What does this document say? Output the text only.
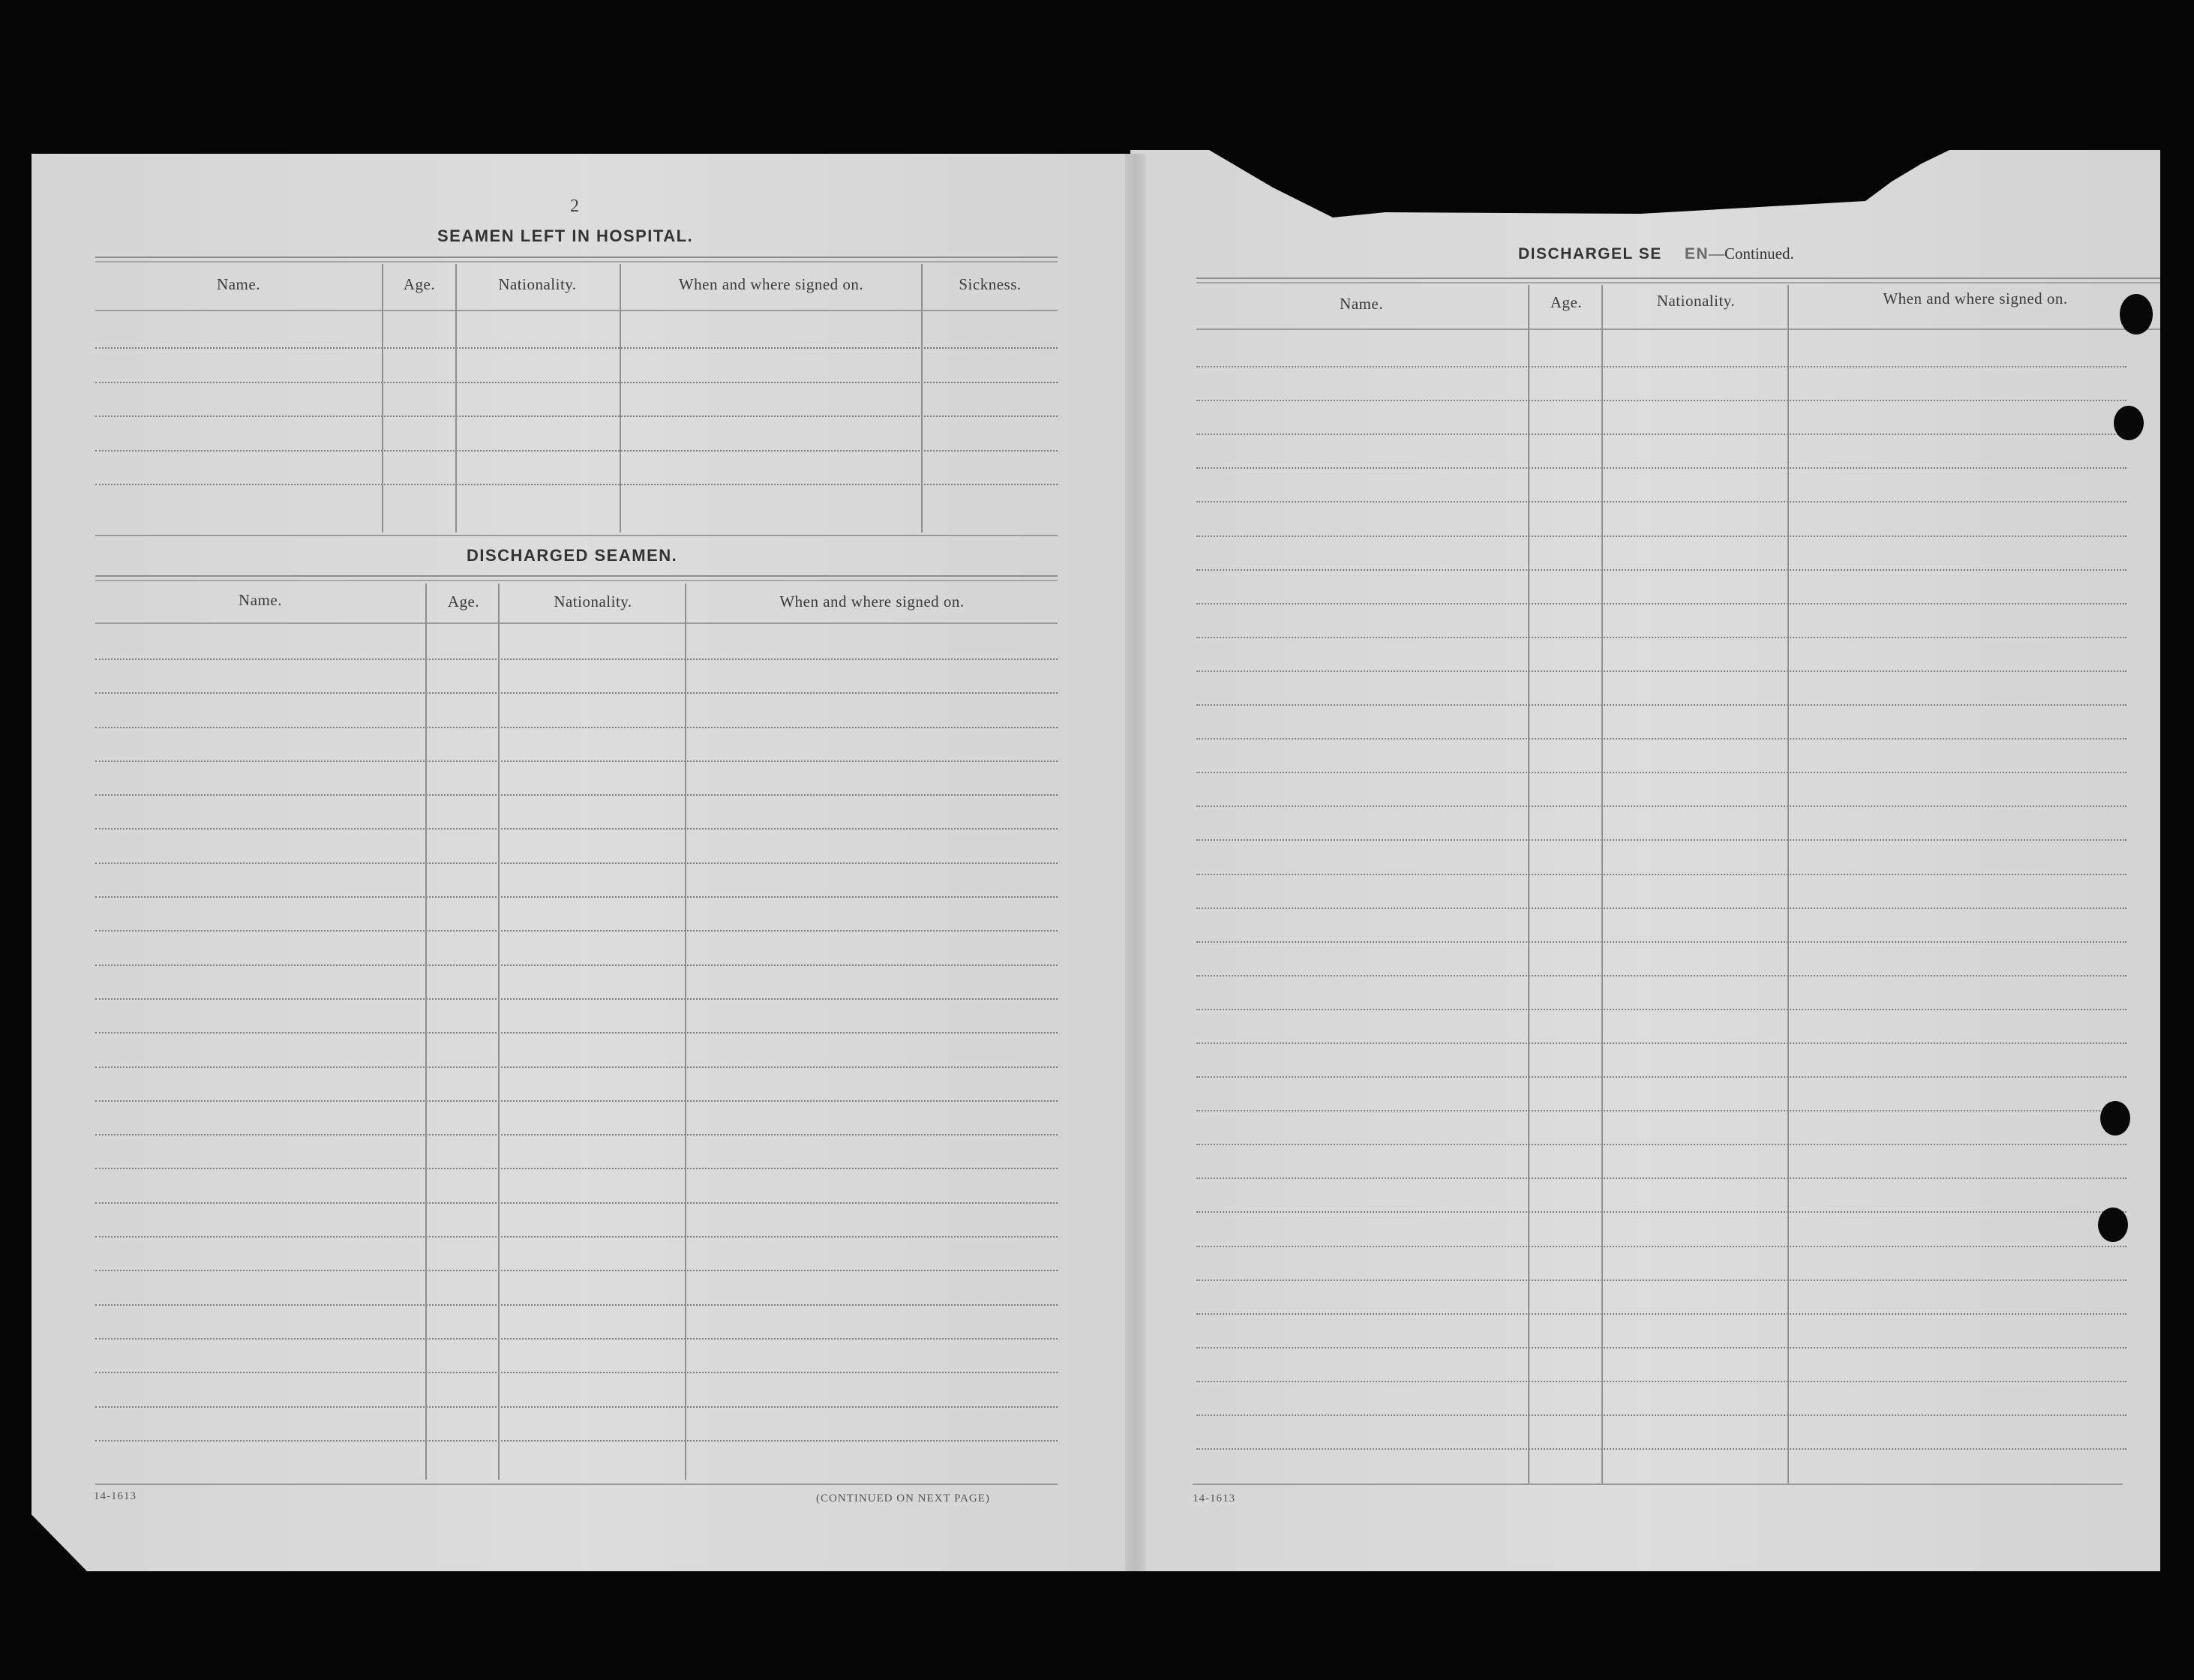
2
SEAMEN LEFT IN HOSPITAL.
Name.	Age.	Nationality.	When and where signed on.	Sickness.
DISCHARGED SEAMEN.
Name.	Age.	Nationality.	When and where signed on.
14-1613	(CONTINUED ON NEXT PAGE)
DISCHARGEL SE EN—Continued.
Name.	Age.	Nationality.	When and where signed on.
14-1613
